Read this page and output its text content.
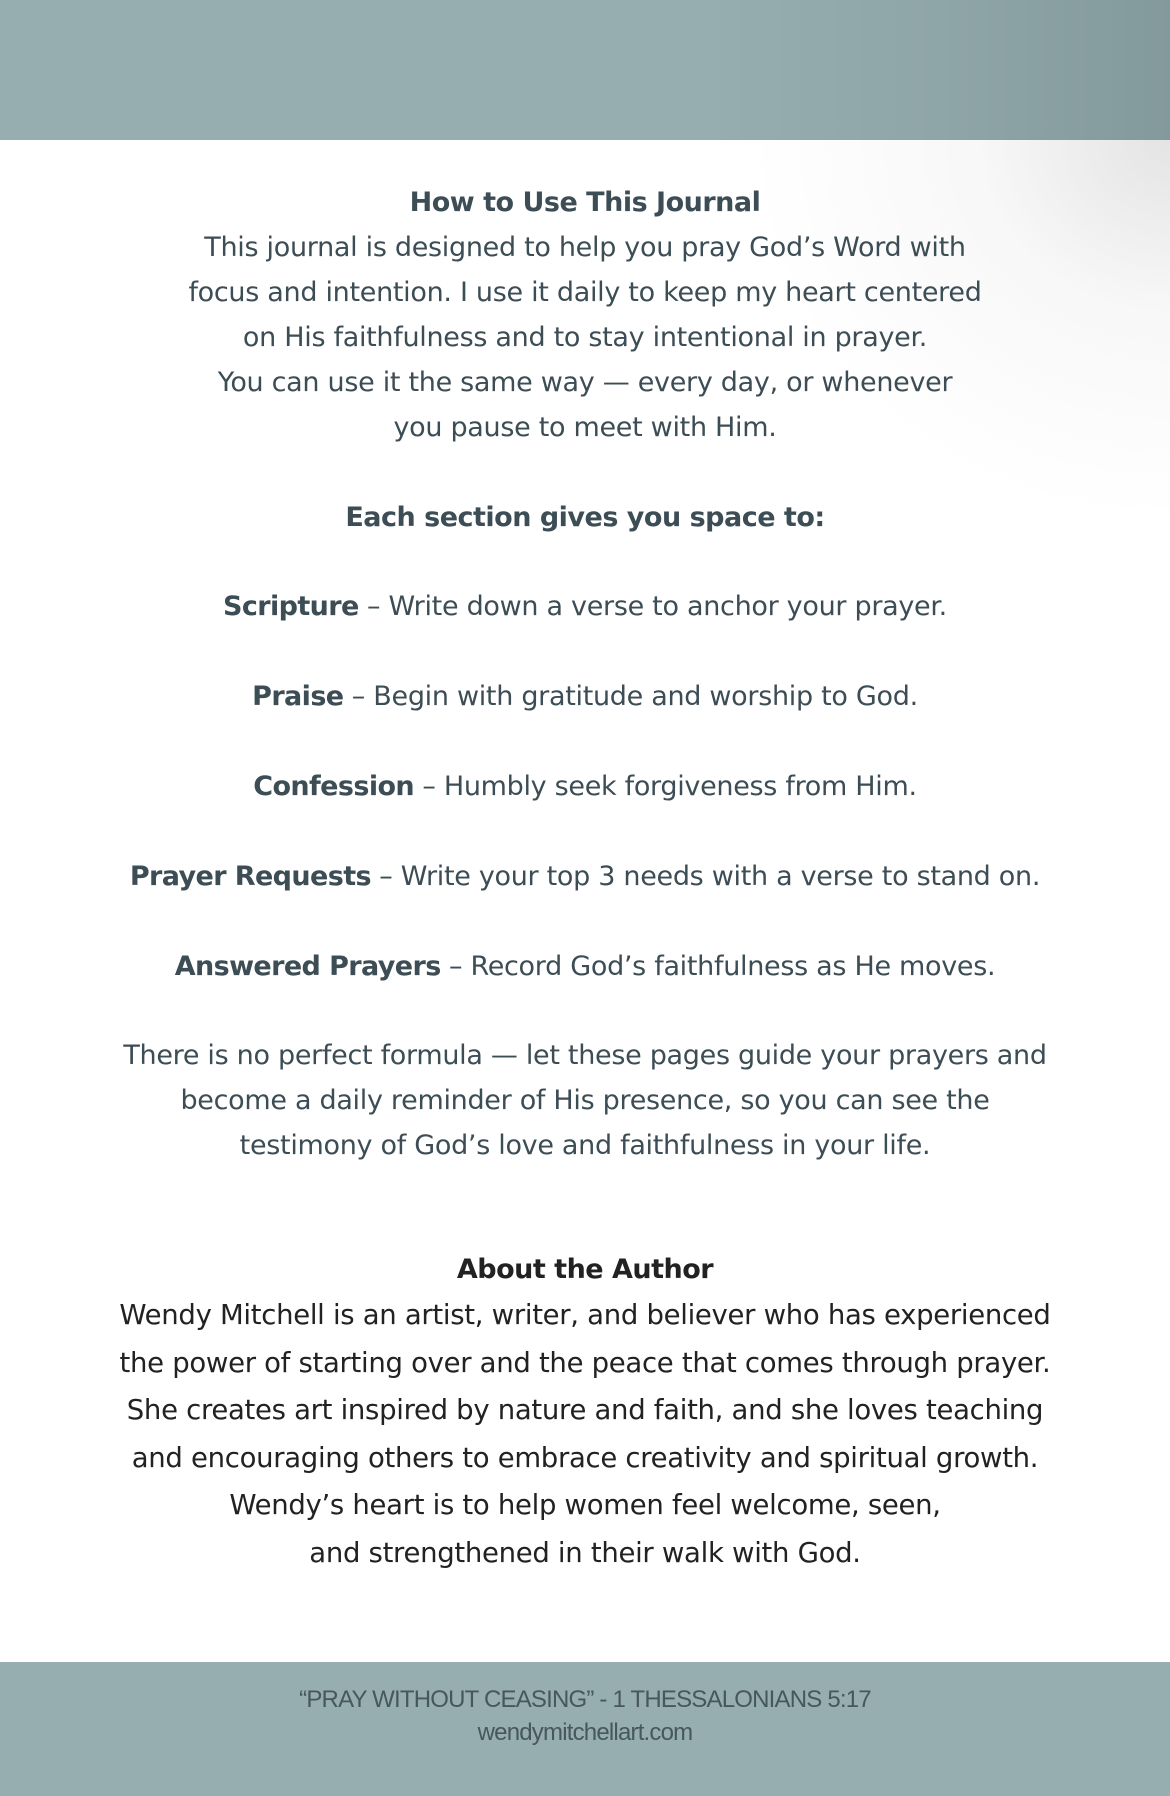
How to Use This Journal
This journal is designed to help you pray God’s Word with
focus and intention. I use it daily to keep my heart centered
on His faithfulness and to stay intentional in prayer.
You can use it the same way — every day, or whenever
you pause to meet with Him.
Each section gives you space to:
Scripture – Write down a verse to anchor your prayer.
Praise – Begin with gratitude and worship to God.
Confession – Humbly seek forgiveness from Him.
Prayer Requests – Write your top 3 needs with a verse to stand on.
Answered Prayers – Record God’s faithfulness as He moves.
There is no perfect formula — let these pages guide your prayers and
become a daily reminder of His presence, so you can see the
testimony of God’s love and faithfulness in your life.
About the Author
Wendy Mitchell is an artist, writer, and believer who has experienced
the power of starting over and the peace that comes through prayer.
She creates art inspired by nature and faith, and she loves teaching
and encouraging others to embrace creativity and spiritual growth.
Wendy’s heart is to help women feel welcome, seen,
and strengthened in their walk with God.
“PRAY WITHOUT CEASING” - 1 THESSALONIANS 5:17
wendymitchellart.com
